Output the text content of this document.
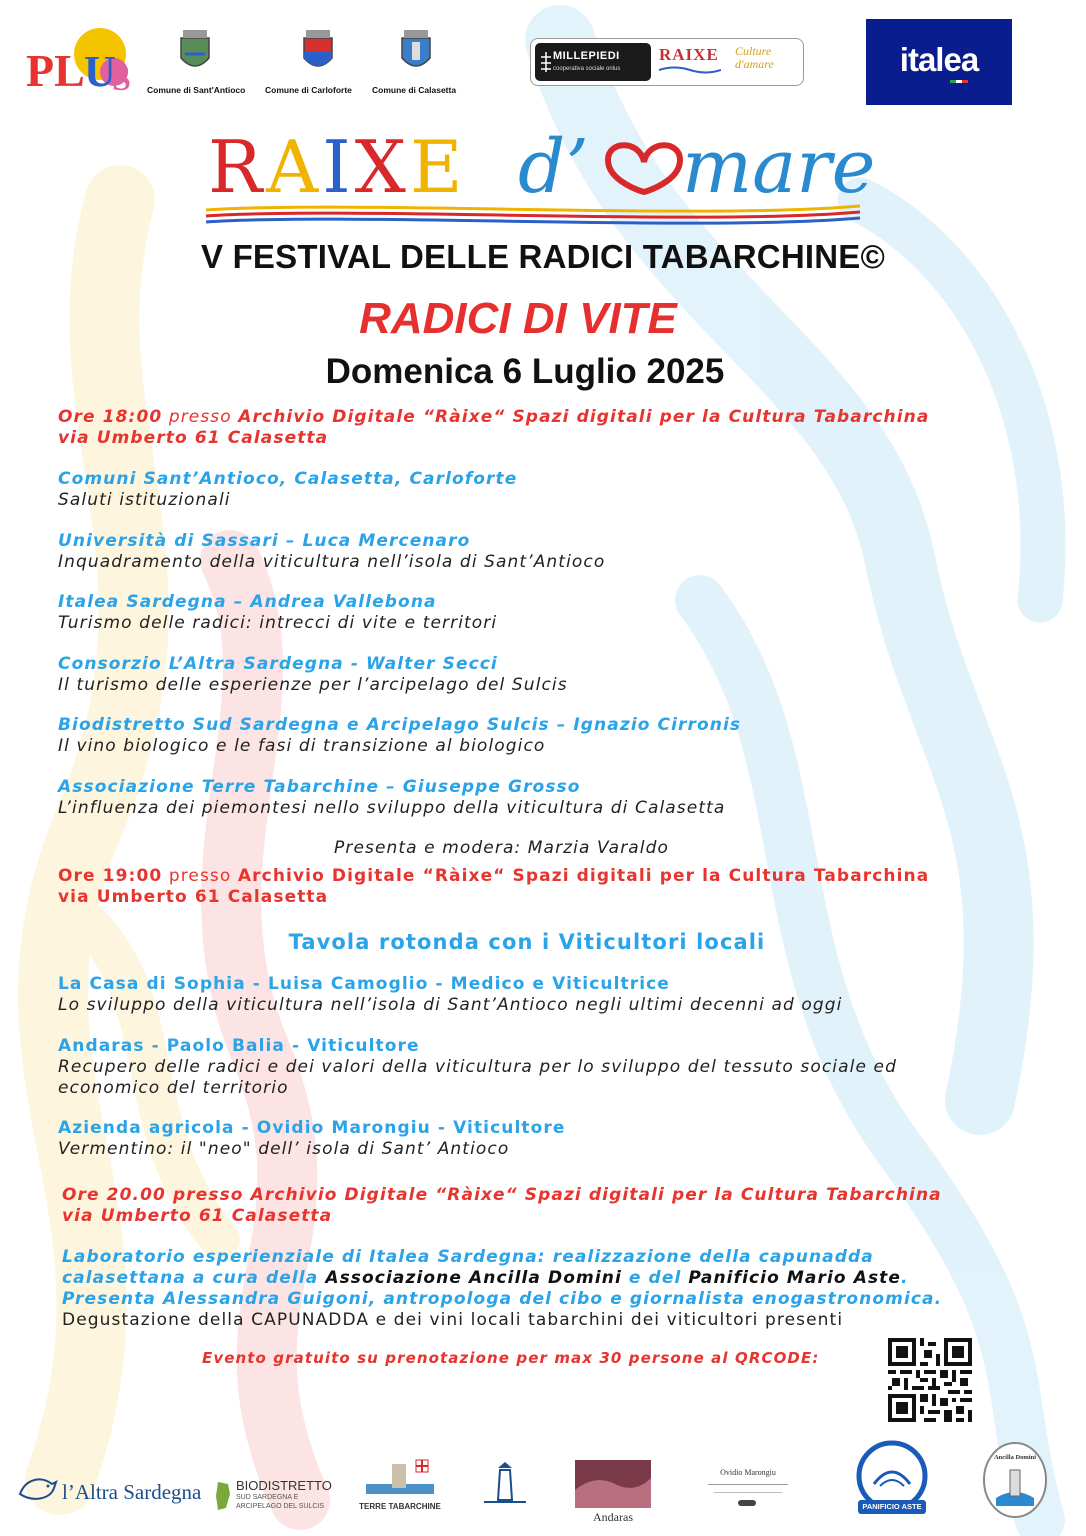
PL U
S Comune di Sant'Antioco Comune di Carloforte Comune di Calasetta
MILLEPIEDI
cooperativa sociale onlus
RAIXE Culture d'amare	italea
RAIXE d’ mare
V FESTIVAL DELLE RADICI TABARCHINE©
RADICI DI VITE
Domenica 6 Luglio 2025
Ore 18:00 presso Archivio Digitale “Ràixe“ Spazi digitali per la Cultura Tabarchina
via Umberto 61 Calasetta
Comuni Sant’Antioco, Calasetta, Carloforte
Saluti istituzionali
Università di Sassari – Luca Mercenaro
Inquadramento della viticultura nell’isola di Sant’Antioco
Italea Sardegna – Andrea Vallebona
Turismo delle radici: intrecci di vite e territori
Consorzio L’Altra Sardegna - Walter Secci
Il turismo delle esperienze per l’arcipelago del Sulcis
Biodistretto Sud Sardegna e Arcipelago Sulcis – Ignazio Cirronis
Il vino biologico e le fasi di transizione al biologico
Associazione Terre Tabarchine – Giuseppe Grosso
L’influenza dei piemontesi nello sviluppo della viticultura di Calasetta
Presenta e modera: Marzia Varaldo
Ore 19:00 presso Archivio Digitale “Ràixe“ Spazi digitali per la Cultura Tabarchina
via Umberto 61 Calasetta
Tavola rotonda con i Viticultori locali
La Casa di Sophia - Luisa Camoglio - Medico e Viticultrice
Lo sviluppo della viticultura nell’isola di Sant’Antioco negli ultimi decenni ad oggi
Andaras - Paolo Balia - Viticultore
Recupero delle radici e dei valori della viticultura per lo sviluppo del tessuto sociale ed
economico del territorio
Azienda agricola - Ovidio Marongiu - Viticultore
Vermentino: il "neo" dell’ isola di Sant’ Antioco
Ore 20.00 presso Archivio Digitale “Ràixe“ Spazi digitali per la Cultura Tabarchina
via Umberto 61 Calasetta
Laboratorio esperienziale di Italea Sardegna: realizzazione della capunadda
calasettana a cura della Associazione Ancilla Domini e del Panificio Mario Aste.
Presenta Alessandra Guigoni, antropologa del cibo e giornalista enogastronomica.
Degustazione della CAPUNADDA e dei vini locali tabarchini dei viticultori presenti
Evento gratuito su prenotazione per max 30 persone al QRCODE:
l’Altra Sardegna	BIODISTRETTO
SUD SARDEGNA E
ARCIPELAGO DEL SULCIS	TERRE TABARCHINE
Andaras
Ovidio Marongiu
PANIFICIO ASTE
Ancilla Domini
